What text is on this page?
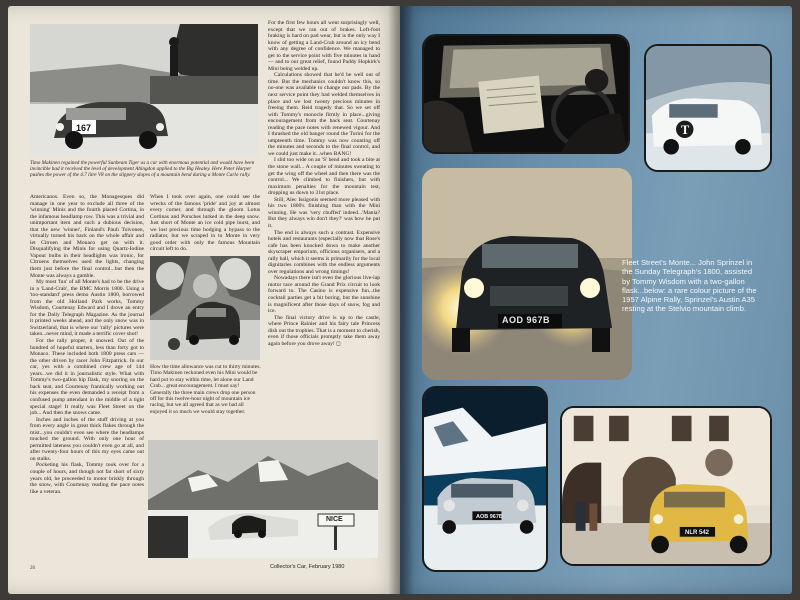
167
Timo Makinen regained the powerful Sunbeam Tiger as a car with enormous potential and would have been invincible had it received the level of development Abingdon applied to the Big Healey. Here Peter Harper pushes the power of the 4.7 litre V8 on the slippery slopes of a mountain bend during a Monte Carlo rally.

Americanos. Even so, the Monagesques did manage in one year to exclude all three of the 'winning' Minis and the fourth placed Cortina, in the infamous headlamp row. This was a trivial and unimportant item and such a dubious decision, that the new 'winner', Finland's Pauli Toivonen, virtually turned his back on the whole affair and let Citroen and Monaco get on with it. Disqualifying the Minis for using Quartz-Iodine Vapour bulbs in their headlights was ironic, for Citroens themselves used the lights, changing them just before the final control...but then the Monte was always a gamble.

My most 'fun' of all Monte's had to be the drive in a 'Land-Crab', the BMC Morris 1800. Using a 'too-standard' press demo Austin 1800, borrowed from the old Holland Park works, Tommy Wisdom, Courtenay Edward and I drove an entry for the Daily Telegraph Magazine. As the journal it printed weeks ahead, and the only snow was in Switzerland, that is where our 'rally' pictures were taken...never mind, it made a terrific cover shot!

For the rally proper, it snowed. Out of the hundred of hopeful starters, less than forty got to Monaco. These included both 1800 press cars — the other driven by racer John Fitzpatrick. In our car, yes with a combined crew age of 144 years...we did it in journalistic style. What with Tommy's two-gallon hip flask, my snoring on the back seat, and Courtenay frantically working out his expenses the even demanded a receipt from a confused pump attendant in the middle of a tight special stage! It really was Fleet Street on the job... And then the snows came.

Inches and inches of the stuff driving at you from every angle in great thick flakes through the mist...you couldn't even see where the headlamps touched the ground. With only one hour of permitted lateness you couldn't even go at all, and after twenty-four hours of this my eyes came out on stalks.

Pocketing his flask, Tommy took over for a couple of hours, and though not far short of sixty years old, he proceeded to motor briskly through the snow, with Courtenay reading the pace notes like a veteran.

When I took over again, one could see the wrecks of the famous 'pride' and joy at almost every corner, and through the gloom Lotus Cortinas and Porsches lurked in the deep snow. Just short of Monte an ice cold pipe burst, and we lost precious time bodging a bypass to the radiator, but we scraped in to Monte in very good order with only the famous Mountain circuit left to do.

How the time allowance was cut to thirty minutes. Timo Makinen reckoned even his Mini would be hard put to stay within time, let alone our Land Crab... great encouragement. I must say! Generally the three main crews drop one person off for this twelve-hour night of mountain ice racing, but we all agreed that as we had all enjoyed it so much we would stay together.
NICE

For the first few hours all went surprisingly well, except that we ran out of brakes. Left-foot braking is hard on pad wear, but is the only way I know of getting a Land-Crab around an icy bend with any degree of confidence. We managed to get to the service point with five minutes in hand — and to our great relief, found Paddy Hopkirk's Mini being welded up.

Calculations showed that he'd be well out of time. But the mechanics couldn't know this, so no-one was available to change our pads. By the next service point they had welded themselves in place and we lost twenty precious minutes in freeing them. Reid tragedy that. So we set off with Tommy's monocle firmly in place...giving encouragement from the back seat. Courtenay reading the pace notes with renewed vigour. And I thrashed the old banger round the Turini for the umpteenth time. Tommy was now counting off the minutes and seconds to the final control, and we could just make it...when BANG!

I slid too wide on an 'S' bend and took a bite at the stone wall... A couple of minutes sweating to get the wing off the wheel and then there was the control... We climbed to finishers, but with maximum penalties for the mountain test, dropping us down to 31st place.

Still, Alec Issigonis seemed more pleased with his two 1800's finishing than with the Mini winning. He was 'very chuffed' indeed...'Mania? But they always win don't they?' was how he put it.

The end is always such a contrast. Expensive hotels and restaurants (especially now that Rose's cafe has been knocked down to make another skyscraper emporium, officious organisers, and a rally ball, which it seems is primarily for the local dignitaries combines with the endless arguments over regulations and wrong timings!

Nowadays there isn't even the glorious live-lap motor race around the Grand Prix circuit to look forward to. The Casino is expensive fun...the cocktail parties get a bit boring, but the sunshine is magnificent after those days of snow, fog and ice.

The final victory drive is up to the castle, where Prince Rainier and his fairy tale Princess dish out the trophies. That is a moment to cherish, even if those officials promptly take them away again before you drove away! ◻

26	Collector's Car, February 1980
T
AOD 967B
Fleet Street's Monte... John Sprinzel in the Sunday Telegraph's 1800, assisted by Tommy Wisdom with a two-gallon flask...below: a rare colour picture of the 1957 Alpine Rally, Sprinzel's Austin A35 resting at the Stelvio mountain climb.
AOB 967B
NLR 542
